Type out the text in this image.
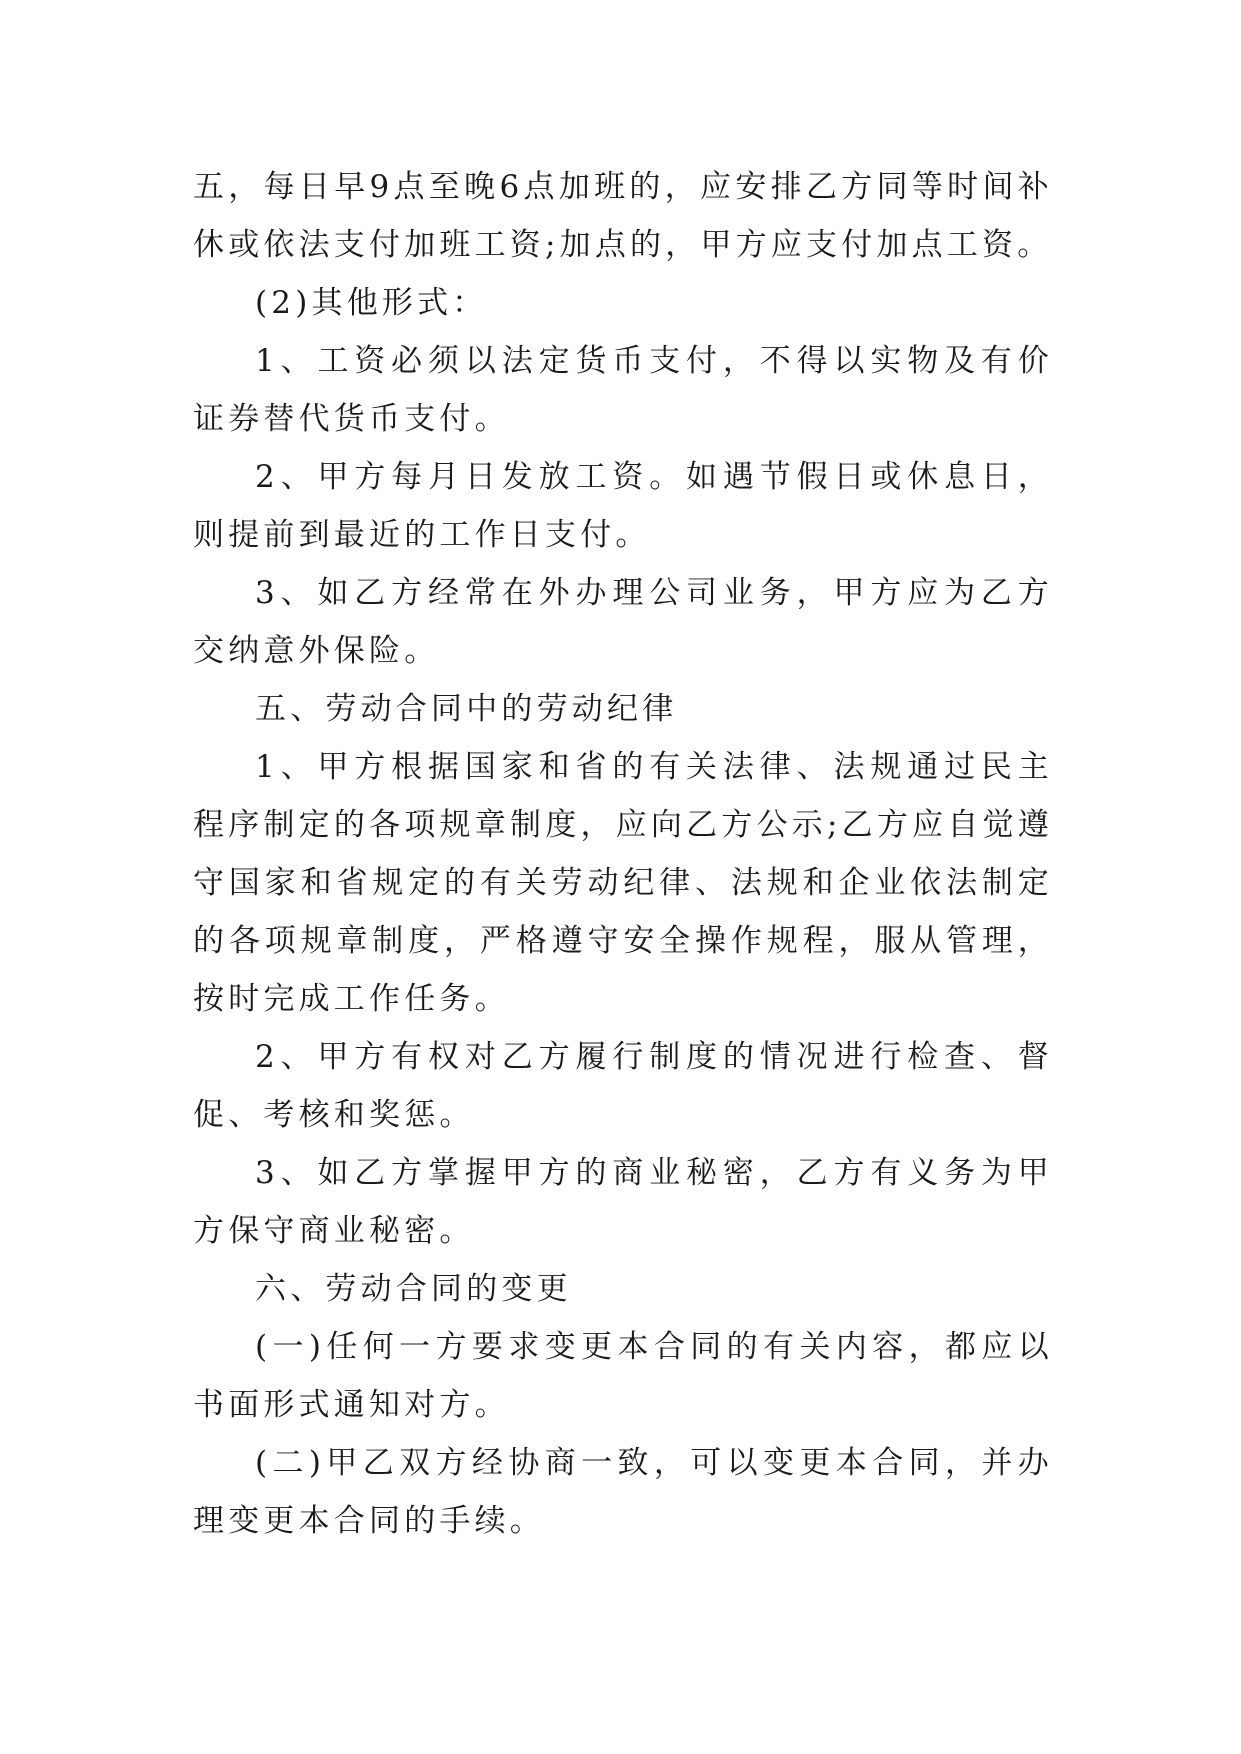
五，每日早9点至晚6点加班的，应安排乙方同等时间补休或依法支付加班工资;加点的，甲方应支付加点工资。

(2)其他形式：

1、工资必须以法定货币支付，不得以实物及有价证券替代货币支付。

2、甲方每月日发放工资。如遇节假日或休息日，则提前到最近的工作日支付。

3、如乙方经常在外办理公司业务，甲方应为乙方交纳意外保险。

五、劳动合同中的劳动纪律

1、甲方根据国家和省的有关法律、法规通过民主程序制定的各项规章制度，应向乙方公示;乙方应自觉遵守国家和省规定的有关劳动纪律、法规和企业依法制定的各项规章制度，严格遵守安全操作规程，服从管理，按时完成工作任务。

2、甲方有权对乙方履行制度的情况进行检查、督促、考核和奖惩。

3、如乙方掌握甲方的商业秘密，乙方有义务为甲方保守商业秘密。

六、劳动合同的变更

(一)任何一方要求变更本合同的有关内容，都应以书面形式通知对方。

(二)甲乙双方经协商一致，可以变更本合同，并办理变更本合同的手续。
